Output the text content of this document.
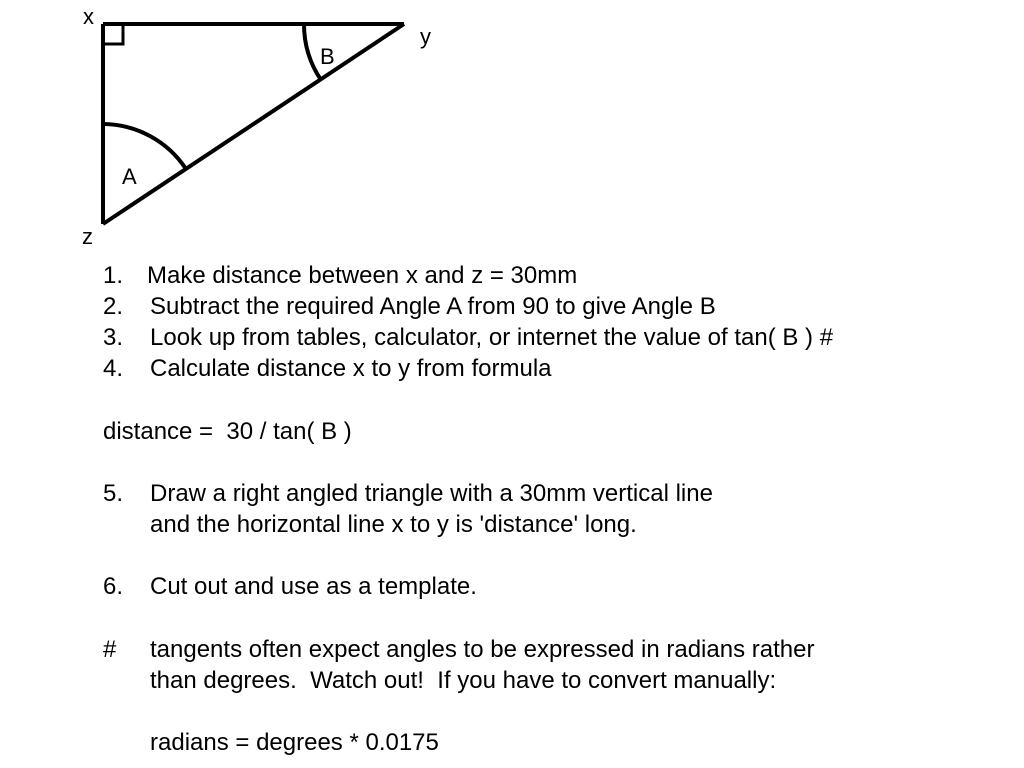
x
y
z
A
B
1. Make distance between x and z = 30mm
2. Subtract the required Angle A from 90 to give Angle B
3. Look up from tables, calculator, or internet the value of tan( B ) #
4. Calculate distance x to y from formula
distance =  30 / tan( B )
5. Draw a right angled triangle with a 30mm vertical line
and the horizontal line x to y is 'distance' long.
6. Cut out and use as a template.
# tangents often expect angles to be expressed in radians rather
than degrees.  Watch out!  If you have to convert manually:
radians = degrees * 0.0175
